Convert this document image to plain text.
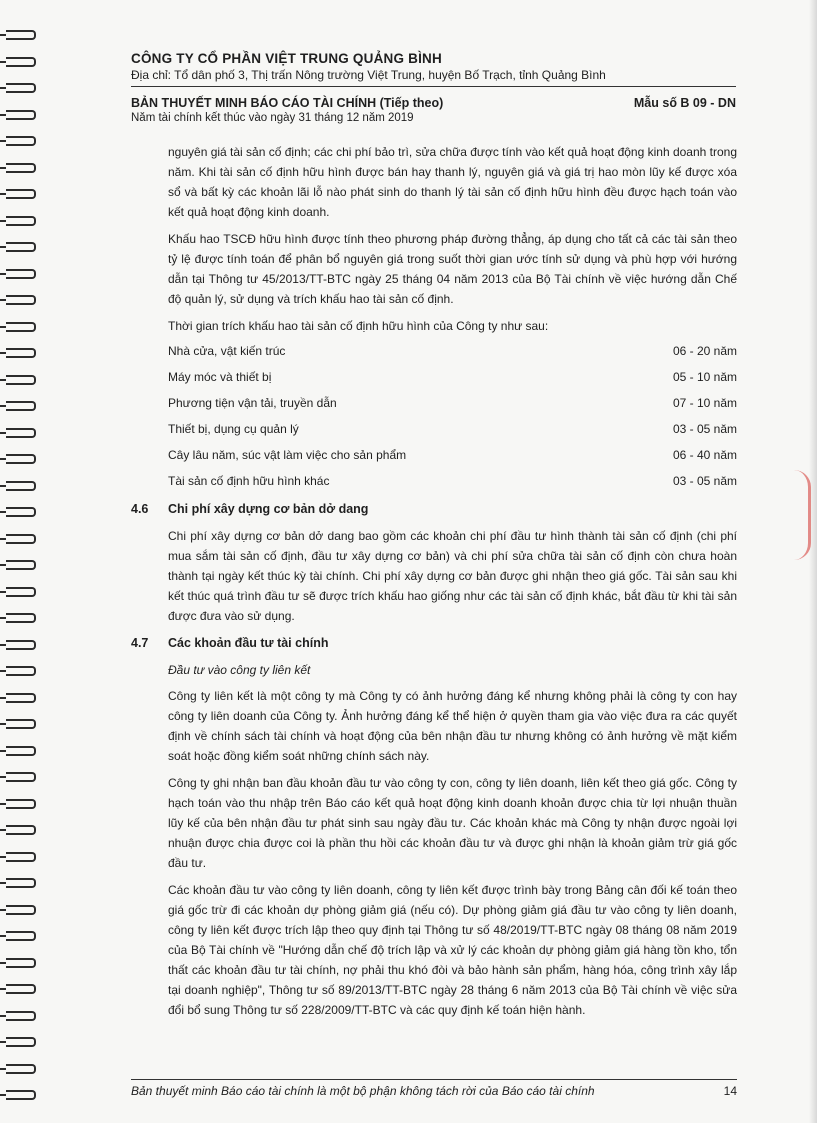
CÔNG TY CỔ PHẦN VIỆT TRUNG QUẢNG BÌNH
Địa chỉ: Tổ dân phố 3, Thị trấn Nông trường Việt Trung, huyện Bố Trạch, tỉnh Quảng Bình
BẢN THUYẾT MINH BÁO CÁO TÀI CHÍNH (Tiếp theo)	Mẫu số B 09 - DN
Năm tài chính kết thúc vào ngày 31 tháng 12 năm 2019

nguyên giá tài sản cố định; các chi phí bảo trì, sửa chữa được tính vào kết quả hoạt động kinh doanh trong năm. Khi tài sản cố định hữu hình được bán hay thanh lý, nguyên giá và giá trị hao mòn lũy kế được xóa sổ và bất kỳ các khoản lãi lỗ nào phát sinh do thanh lý tài sản cố định hữu hình đều được hạch toán vào kết quả hoạt động kinh doanh.

Khấu hao TSCĐ hữu hình được tính theo phương pháp đường thẳng, áp dụng cho tất cả các tài sản theo tỷ lệ được tính toán để phân bổ nguyên giá trong suốt thời gian ước tính sử dụng và phù hợp với hướng dẫn tại Thông tư 45/2013/TT-BTC ngày 25 tháng 04 năm 2013 của Bộ Tài chính về việc hướng dẫn Chế độ quản lý, sử dụng và trích khấu hao tài sản cố định.

Thời gian trích khấu hao tài sản cố định hữu hình của Công ty như sau:

Nhà cửa, vật kiến trúc	06 - 20 năm
Máy móc và thiết bị	05 - 10 năm
Phương tiện vận tải, truyền dẫn	07 - 10 năm
Thiết bị, dụng cụ quản lý	03 - 05 năm
Cây lâu năm, súc vật làm việc cho sản phẩm	06 - 40 năm
Tài sản cố định hữu hình khác	03 - 05 năm
4.6	Chi phí xây dựng cơ bản dở dang

Chi phí xây dựng cơ bản dở dang bao gồm các khoản chi phí đầu tư hình thành tài sản cố định (chi phí mua sắm tài sản cố định, đầu tư xây dựng cơ bản) và chi phí sửa chữa tài sản cố định còn chưa hoàn thành tại ngày kết thúc kỳ tài chính. Chi phí xây dựng cơ bản được ghi nhận theo giá gốc. Tài sản sau khi kết thúc quá trình đầu tư sẽ được trích khấu hao giống như các tài sản cố định khác, bắt đầu từ khi tài sản được đưa vào sử dụng.

4.7	Các khoản đầu tư tài chính

Đầu tư vào công ty liên kết

Công ty liên kết là một công ty mà Công ty có ảnh hưởng đáng kể nhưng không phải là công ty con hay công ty liên doanh của Công ty. Ảnh hưởng đáng kể thể hiện ở quyền tham gia vào việc đưa ra các quyết định về chính sách tài chính và hoạt động của bên nhận đầu tư nhưng không có ảnh hưởng về mặt kiểm soát hoặc đồng kiểm soát những chính sách này.

Công ty ghi nhận ban đầu khoản đầu tư vào công ty con, công ty liên doanh, liên kết theo giá gốc. Công ty hạch toán vào thu nhập trên Báo cáo kết quả hoạt động kinh doanh khoản được chia từ lợi nhuận thuần lũy kế của bên nhận đầu tư phát sinh sau ngày đầu tư. Các khoản khác mà Công ty nhận được ngoài lợi nhuận được chia được coi là phần thu hồi các khoản đầu tư và được ghi nhận là khoản giảm trừ giá gốc đầu tư.

Các khoản đầu tư vào công ty liên doanh, công ty liên kết được trình bày trong Bảng cân đối kế toán theo giá gốc trừ đi các khoản dự phòng giảm giá (nếu có). Dự phòng giảm giá đầu tư vào công ty liên doanh, công ty liên kết được trích lập theo quy định tại Thông tư số 48/2019/TT-BTC ngày 08 tháng 08 năm 2019 của Bộ Tài chính về "Hướng dẫn chế độ trích lập và xử lý các khoản dự phòng giảm giá hàng tồn kho, tổn thất các khoản đầu tư tài chính, nợ phải thu khó đòi và bảo hành sản phẩm, hàng hóa, công trình xây lắp tại doanh nghiệp", Thông tư số 89/2013/TT-BTC ngày 28 tháng 6 năm 2013 của Bộ Tài chính về việc sửa đổi bổ sung Thông tư số 228/2009/TT-BTC và các quy định kế toán hiện hành.

Bản thuyết minh Báo cáo tài chính là một bộ phận không tách rời của Báo cáo tài chính	14
